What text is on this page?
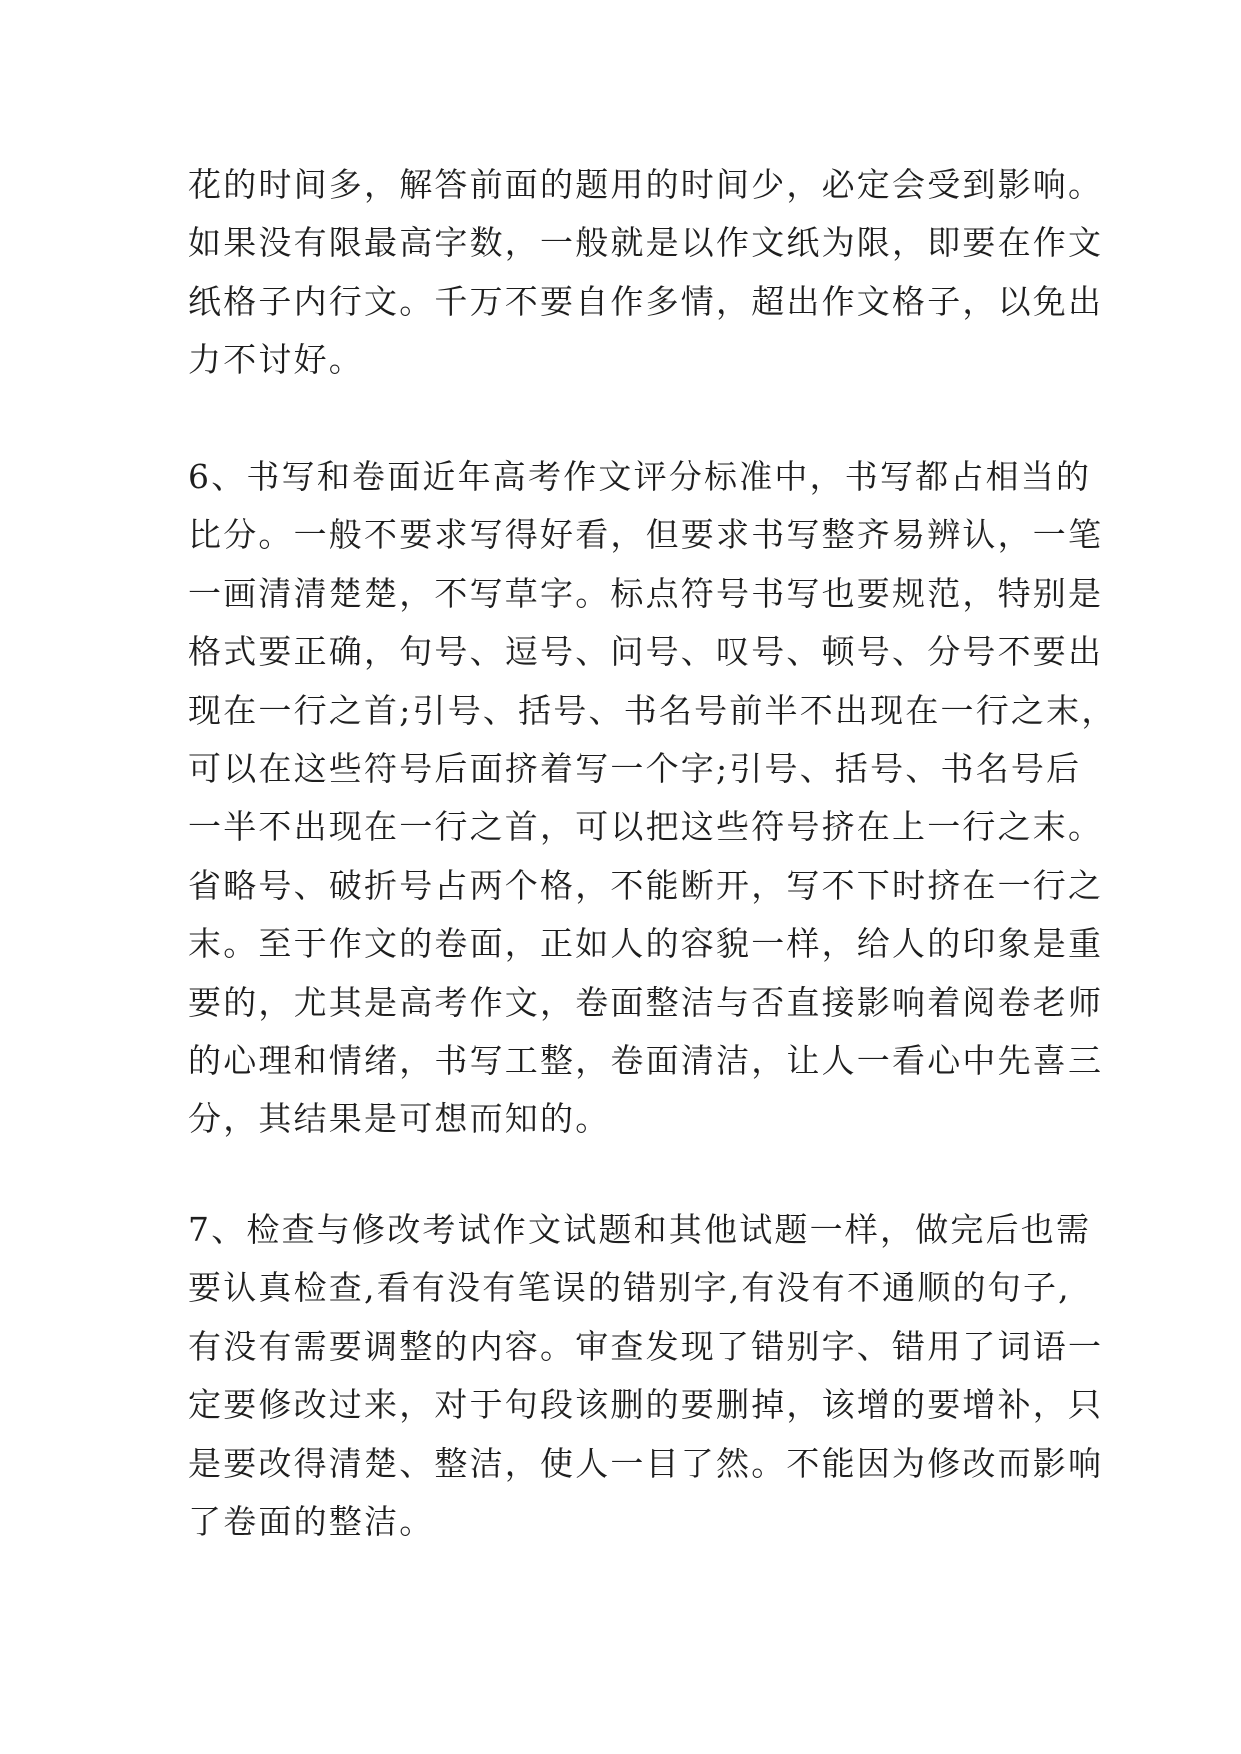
花的时间多，解答前面的题用的时间少，必定会受到影响。
如果没有限最高字数，一般就是以作文纸为限，即要在作文
纸格子内行文。千万不要自作多情，超出作文格子，以免出
力不讨好。
6、书写和卷面近年高考作文评分标准中，书写都占相当的
比分。一般不要求写得好看，但要求书写整齐易辨认，一笔
一画清清楚楚，不写草字。标点符号书写也要规范，特别是
格式要正确，句号、逗号、问号、叹号、顿号、分号不要出
现在一行之首;引号、括号、书名号前半不出现在一行之末，
可以在这些符号后面挤着写一个字;引号、括号、书名号后
一半不出现在一行之首，可以把这些符号挤在上一行之末。
省略号、破折号占两个格，不能断开，写不下时挤在一行之
末。至于作文的卷面，正如人的容貌一样，给人的印象是重
要的，尤其是高考作文，卷面整洁与否直接影响着阅卷老师
的心理和情绪，书写工整，卷面清洁，让人一看心中先喜三
分，其结果是可想而知的。
7、检查与修改考试作文试题和其他试题一样，做完后也需
要认真检查,看有没有笔误的错别字,有没有不通顺的句子,
有没有需要调整的内容。审查发现了错别字、错用了词语一
定要修改过来，对于句段该删的要删掉，该增的要增补，只
是要改得清楚、整洁，使人一目了然。不能因为修改而影响
了卷面的整洁。
